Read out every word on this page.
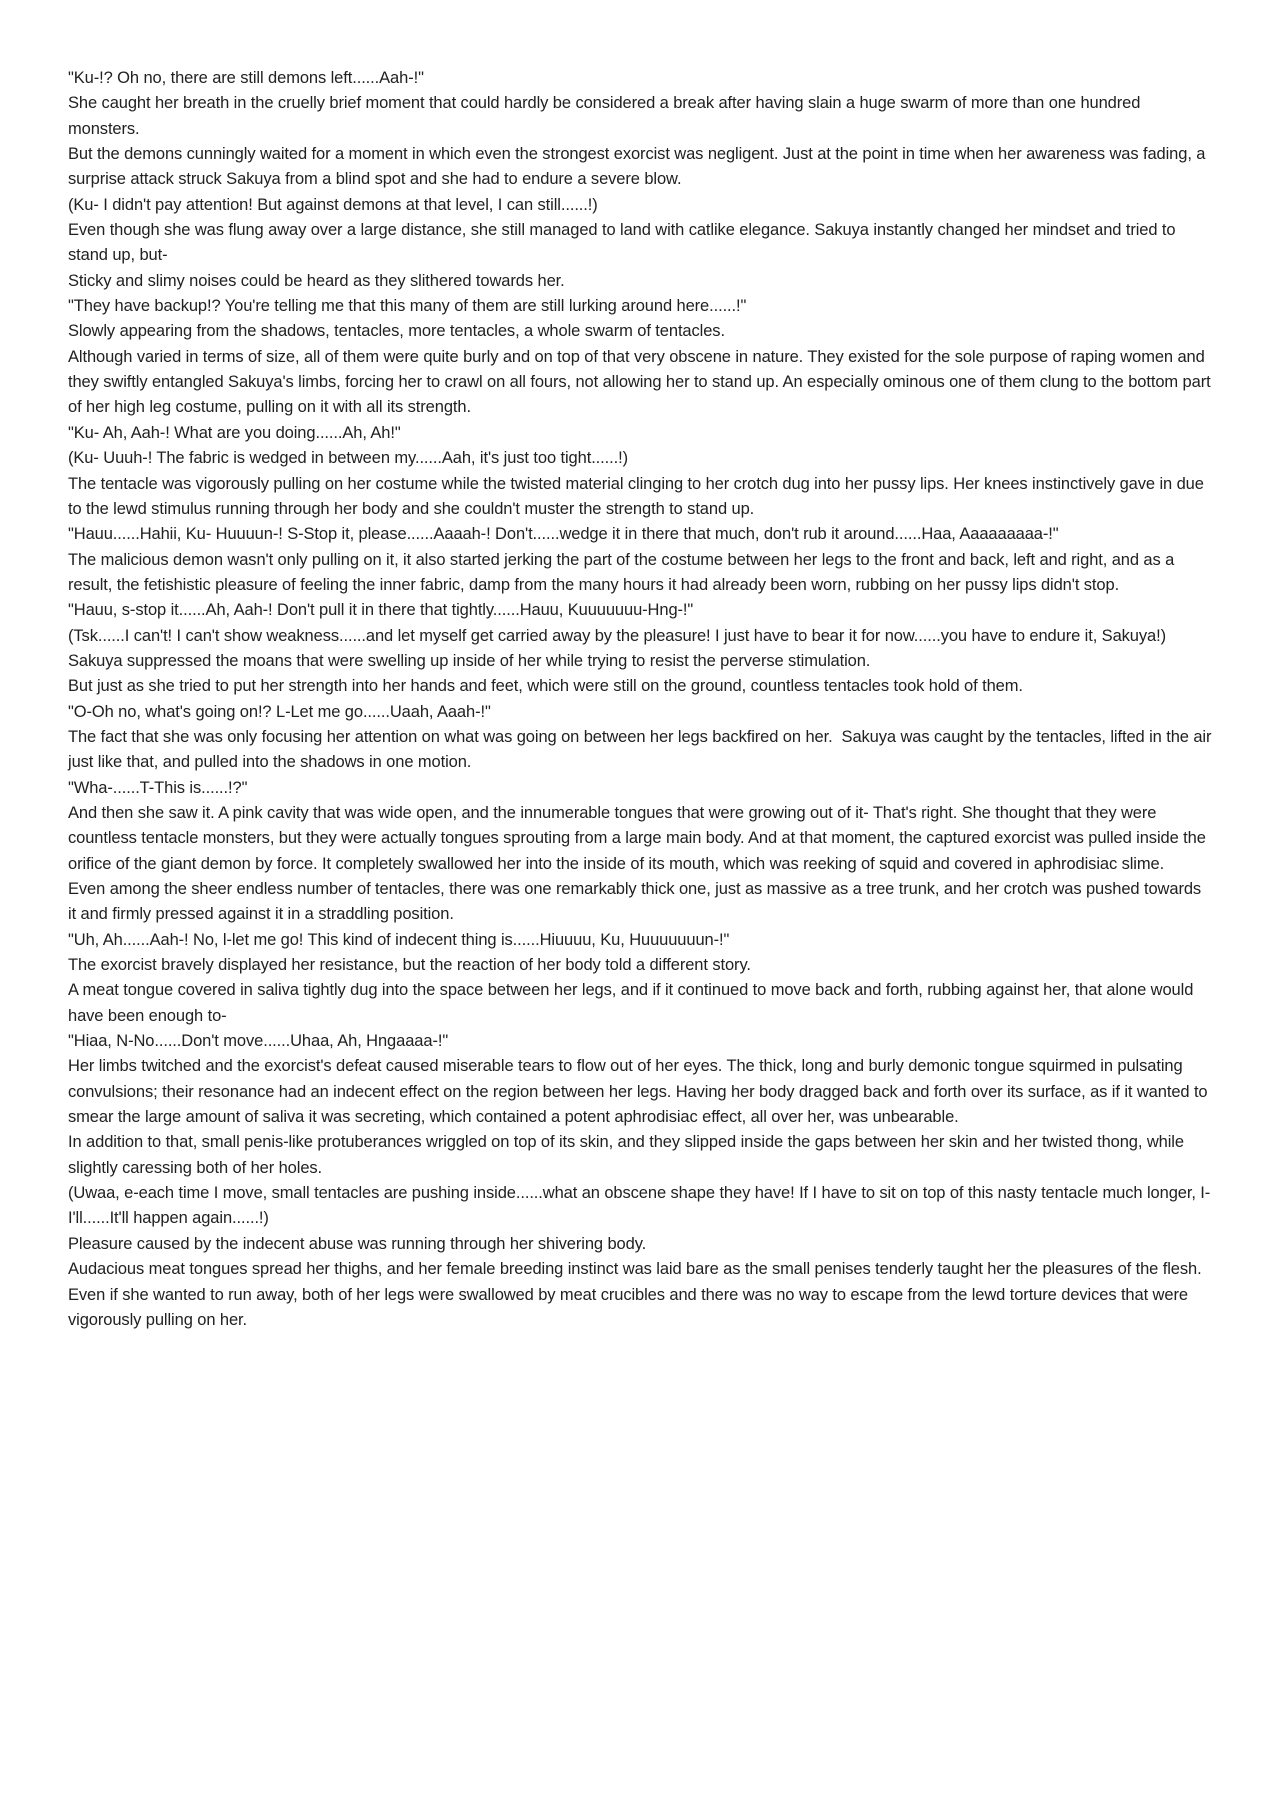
"Ku-!? Oh no, there are still demons left......Aah-!"

She caught her breath in the cruelly brief moment that could hardly be considered a break after having slain a huge swarm of more than one hundred monsters.

But the demons cunningly waited for a moment in which even the strongest exorcist was negligent. Just at the point in time when her awareness was fading, a surprise attack struck Sakuya from a blind spot and she had to endure a severe blow.

(Ku- I didn't pay attention! But against demons at that level, I can still......!)

Even though she was flung away over a large distance, she still managed to land with catlike elegance. Sakuya instantly changed her mindset and tried to stand up, but-

Sticky and slimy noises could be heard as they slithered towards her.

"They have backup!? You're telling me that this many of them are still lurking around here......!"

Slowly appearing from the shadows, tentacles, more tentacles, a whole swarm of tentacles.

Although varied in terms of size, all of them were quite burly and on top of that very obscene in nature. They existed for the sole purpose of raping women and they swiftly entangled Sakuya's limbs, forcing her to crawl on all fours, not allowing her to stand up. An especially ominous one of them clung to the bottom part of her high leg costume, pulling on it with all its strength.

"Ku- Ah, Aah-! What are you doing......Ah, Ah!"

(Ku- Uuuh-! The fabric is wedged in between my......Aah, it's just too tight......!)

The tentacle was vigorously pulling on her costume while the twisted material clinging to her crotch dug into her pussy lips. Her knees instinctively gave in due to the lewd stimulus running through her body and she couldn't muster the strength to stand up.

"Hauu......Hahii, Ku- Huuuun-! S-Stop it, please......Aaaah-! Don't......wedge it in there that much, don't rub it around......Haa, Aaaaaaaaa-!"

The malicious demon wasn't only pulling on it, it also started jerking the part of the costume between her legs to the front and back, left and right, and as a result, the fetishistic pleasure of feeling the inner fabric, damp from the many hours it had already been worn, rubbing on her pussy lips didn't stop.

"Hauu, s-stop it......Ah, Aah-! Don't pull it in there that tightly......Hauu, Kuuuuuuu-Hng-!"

(Tsk......I can't! I can't show weakness......and let myself get carried away by the pleasure! I just have to bear it for now......you have to endure it, Sakuya!)

Sakuya suppressed the moans that were swelling up inside of her while trying to resist the perverse stimulation.

But just as she tried to put her strength into her hands and feet, which were still on the ground, countless tentacles took hold of them.

"O-Oh no, what's going on!? L-Let me go......Uaah, Aaah-!"

The fact that she was only focusing her attention on what was going on between her legs backfired on her.  Sakuya was caught by the tentacles, lifted in the air just like that, and pulled into the shadows in one motion.

"Wha-......T-This is......!?"

And then she saw it. A pink cavity that was wide open, and the innumerable tongues that were growing out of it- That's right. She thought that they were countless tentacle monsters, but they were actually tongues sprouting from a large main body. And at that moment, the captured exorcist was pulled inside the orifice of the giant demon by force. It completely swallowed her into the inside of its mouth, which was reeking of squid and covered in aphrodisiac slime.

Even among the sheer endless number of tentacles, there was one remarkably thick one, just as massive as a tree trunk, and her crotch was pushed towards it and firmly pressed against it in a straddling position.

"Uh, Ah......Aah-! No, l-let me go! This kind of indecent thing is......Hiuuuu, Ku, Huuuuuuun-!"

The exorcist bravely displayed her resistance, but the reaction of her body told a different story.

A meat tongue covered in saliva tightly dug into the space between her legs, and if it continued to move back and forth, rubbing against her, that alone would have been enough to-

"Hiaa, N-No......Don't move......Uhaa, Ah, Hngaaaa-!"

Her limbs twitched and the exorcist's defeat caused miserable tears to flow out of her eyes. The thick, long and burly demonic tongue squirmed in pulsating convulsions; their resonance had an indecent effect on the region between her legs. Having her body dragged back and forth over its surface, as if it wanted to smear the large amount of saliva it was secreting, which contained a potent aphrodisiac effect, all over her, was unbearable.

In addition to that, small penis-like protuberances wriggled on top of its skin, and they slipped inside the gaps between her skin and her twisted thong, while slightly caressing both of her holes.

(Uwaa, e-each time I move, small tentacles are pushing inside......what an obscene shape they have! If I have to sit on top of this nasty tentacle much longer, I-I'll......It'll happen again......!)

Pleasure caused by the indecent abuse was running through her shivering body.

Audacious meat tongues spread her thighs, and her female breeding instinct was laid bare as the small penises tenderly taught her the pleasures of the flesh. Even if she wanted to run away, both of her legs were swallowed by meat crucibles and there was no way to escape from the lewd torture devices that were vigorously pulling on her.
